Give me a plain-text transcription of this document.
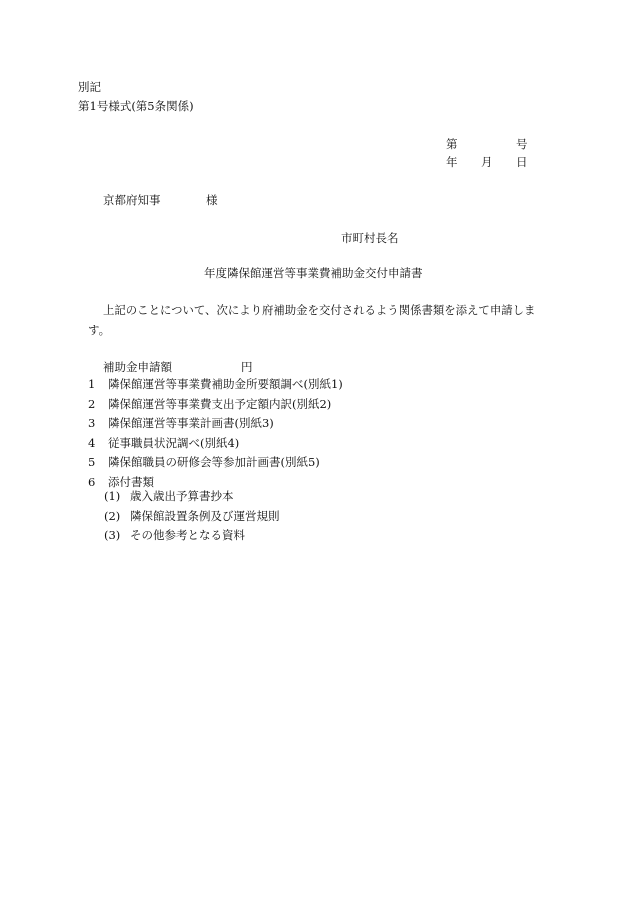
別記
第1号様式(第5条関係)
第	号
年 月 日
京都府知事	様
市町村長名
年度隣保館運営等事業費補助金交付申請書
上記のことについて、次により府補助金を交付されるよう関係書類を添えて申請しま
す。
補助金申請額	円
1 隣保館運営等事業費補助金所要額調べ(別紙1)
2 隣保館運営等事業費支出予定額内訳(別紙2)
3 隣保館運営等事業計画書(別紙3)
4 従事職員状況調べ(別紙4)
5 隣保館職員の研修会等参加計画書(別紙5)
6 添付書類
(1) 歳入歳出予算書抄本
(2) 隣保館設置条例及び運営規則
(3) その他参考となる資料
